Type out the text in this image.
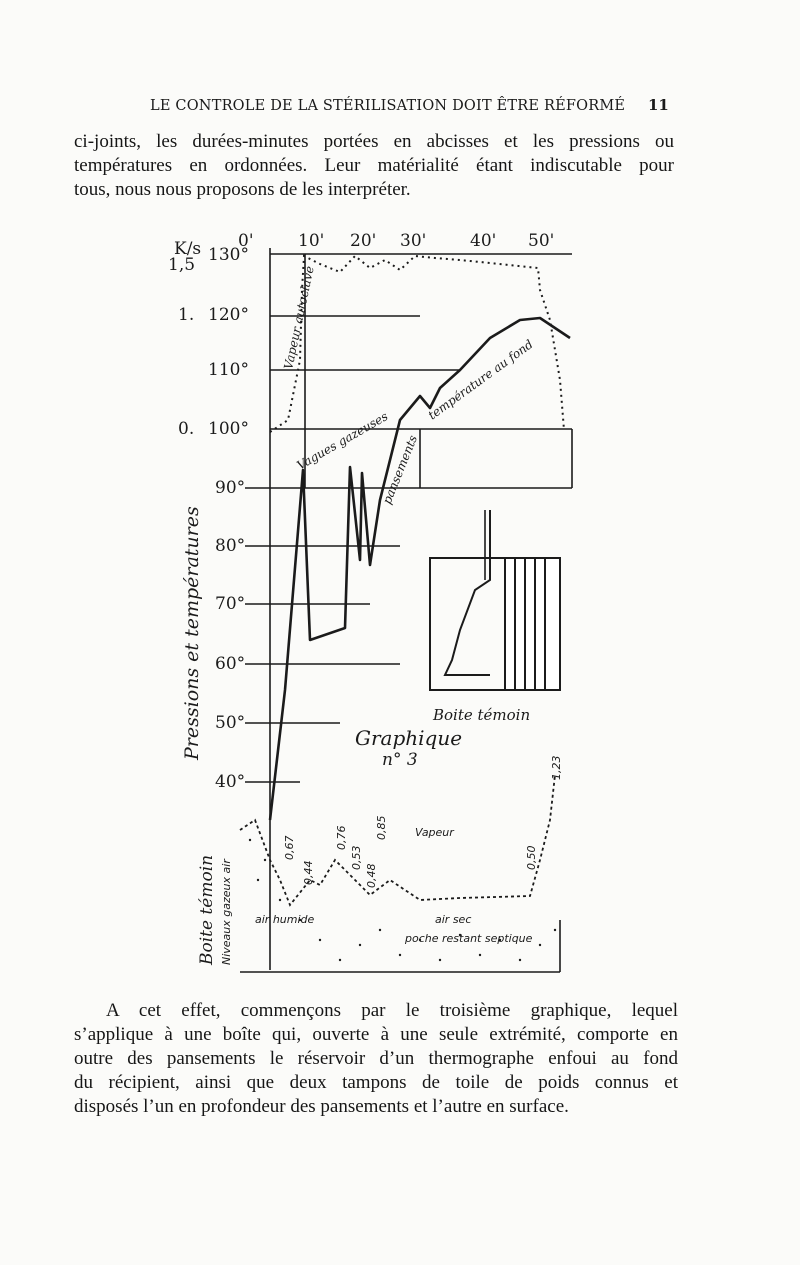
LE CONTROLE DE LA STÉRILISATION DOIT ÊTRE RÉFORMÉ	11
ci-joints, les durées-minutes portées en abcisses et les pressions ou
températures en ordonnées. Leur matérialité étant indiscutable pour
tous, nous nous proposons de les interpréter.
0'	10' 20' 30'	40' 50'
130°
120°
110°
100°
90°
80°
70°
60°
50°
40°
K/s
1,5
1.
0.
Pressions et températures
Vapeur autoclave
Vagues gazeuses
pansements
température au fond
Boite témoin
Graphique
n° 3
Boite témoin Niveaux gazeux air
Vapeur
air humide	air sec
poche restant septique
0,67
0,44
0,76
0,53
0,85
0,48
0,50
1,23
A cet effet, commençons par le troisième graphique, lequel
s’applique à une boîte qui, ouverte à une seule extrémité, comporte en
outre des pansements le réservoir d’un thermographe enfoui au fond
du récipient, ainsi que deux tampons de toile de poids connus et
disposés l’un en profondeur des pansements et l’autre en surface.
